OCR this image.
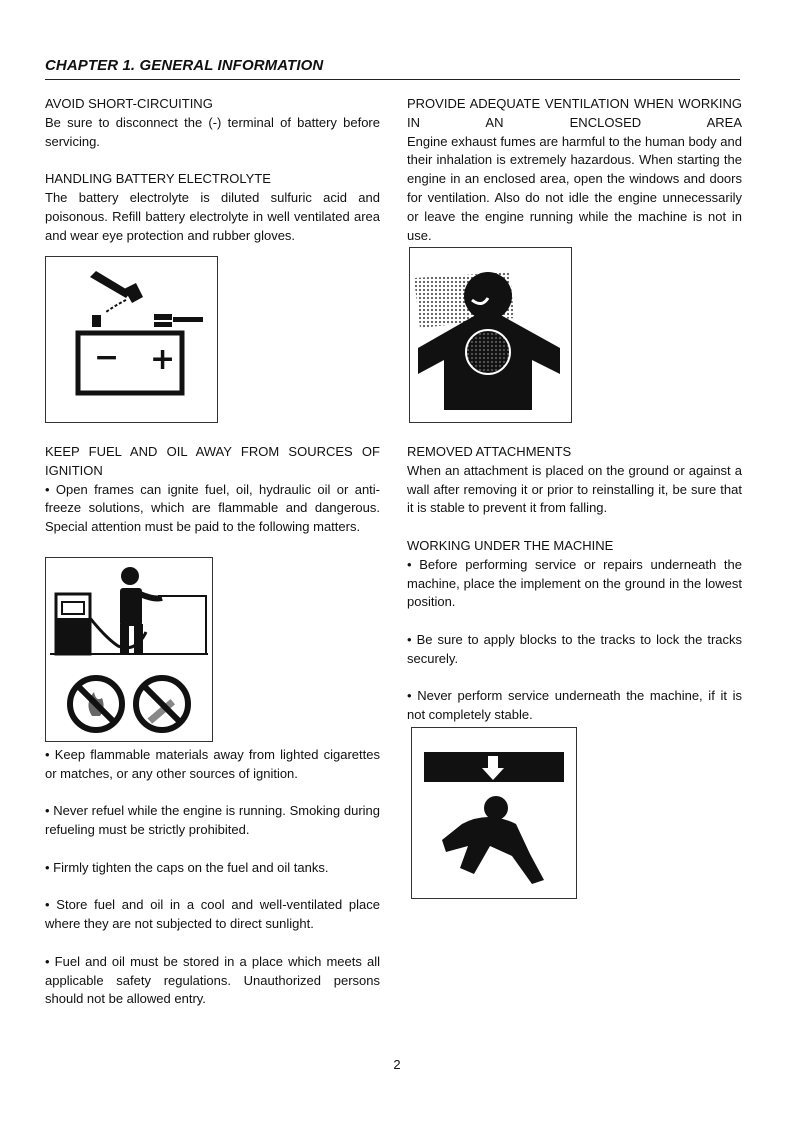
CHAPTER 1. GENERAL INFORMATION

AVOID SHORT-CIRCUITING

Be sure to disconnect the (-) terminal of battery before servicing.

HANDLING BATTERY ELECTROLYTE

The battery electrolyte is diluted sulfuric acid and poisonous. Refill battery electrolyte in well ventilated area and wear eye protection and rubber gloves.

− +

KEEP FUEL AND OIL AWAY FROM SOURCES OF IGNITION

• Open frames can ignite fuel, oil, hydraulic oil or anti-freeze solutions, which are flammable and dangerous. Special attention must be paid to the following matters.

• Keep flammable materials away from lighted cigarettes or matches, or any other sources of ignition.

• Never refuel while the engine is running. Smoking during refueling must be strictly prohibited.

• Firmly tighten the caps on the fuel and oil tanks.

• Store fuel and oil in a cool and well-ventilated place where they are not subjected to direct sunlight.

• Fuel and oil must be stored in a place which meets all applicable safety regulations. Unauthorized persons should not be allowed entry.

PROVIDE ADEQUATE VENTILATION WHEN WORKING IN AN ENCLOSED AREA

Engine exhaust fumes are harmful to the human body and their inhalation is extremely hazardous. When starting the engine in an enclosed area, open the windows and doors for ventilation. Also do not idle the engine unnecessarily or leave the engine running while the machine is not in use.

REMOVED ATTACHMENTS

When an attachment is placed on the ground or against a wall after removing it or prior to reinstalling it, be sure that it is stable to prevent it from falling.

WORKING UNDER THE MACHINE

• Before performing service or repairs underneath the machine, place the implement on the ground in the lowest position.

• Be sure to apply blocks to the tracks to lock the tracks securely.

• Never perform service underneath the machine, if it is not completely stable.

2
